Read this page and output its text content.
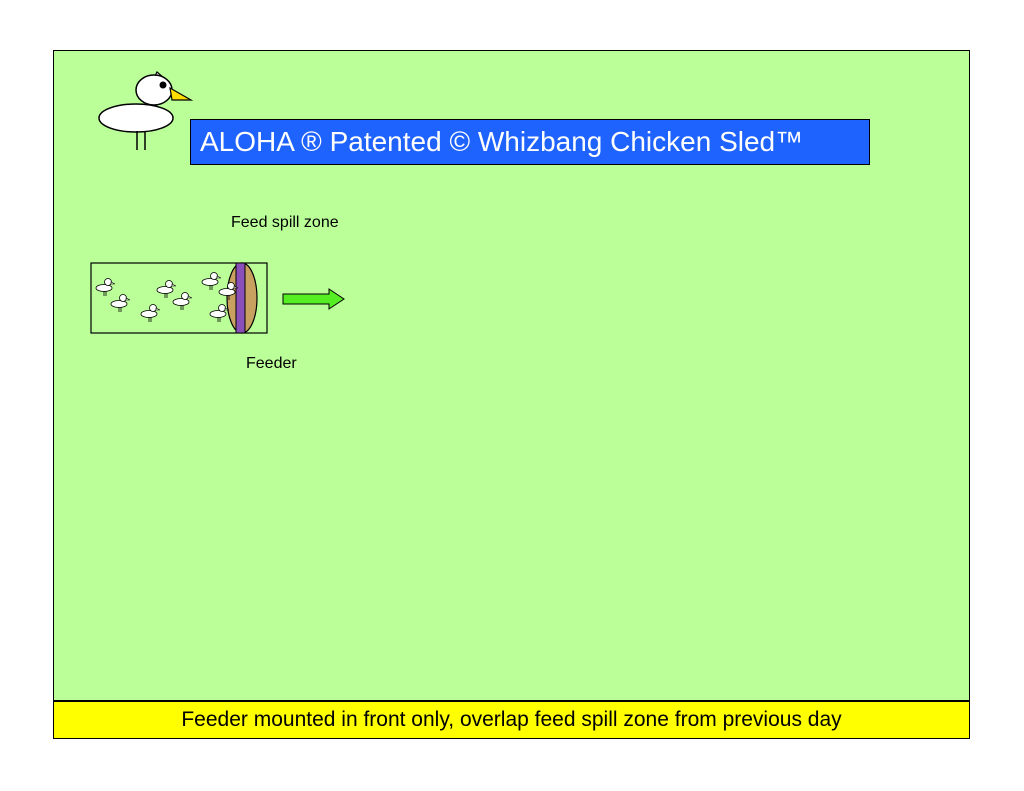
ALOHA ® Patented © Whizbang Chicken Sled™
Feed spill zone
Feeder
Feeder mounted in front only, overlap feed spill zone from previous day
